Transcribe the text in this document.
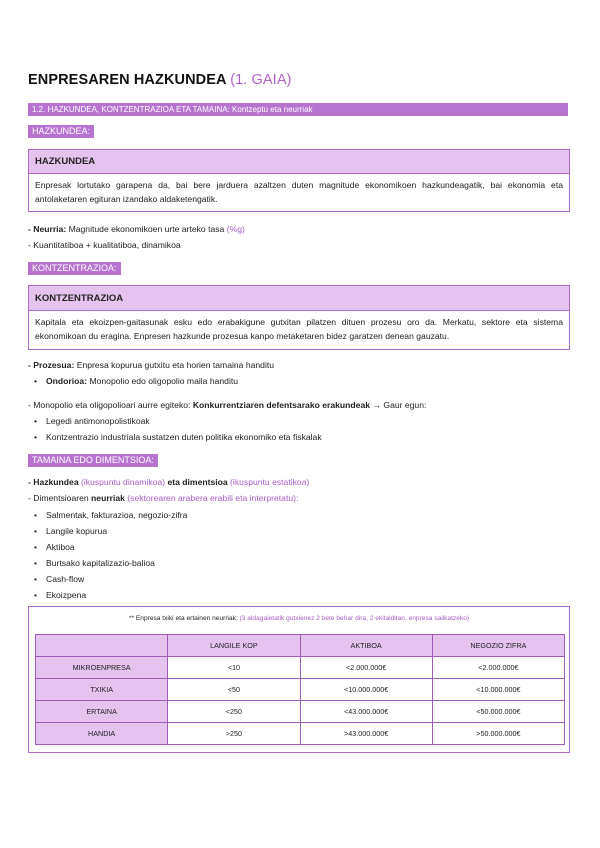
ENPRESAREN HAZKUNDEA (1. GAIA)
1.2. HAZKUNDEA, KONTZENTRAZIOA ETA TAMAINA: Kontzeptu eta neurriak
HAZKUNDEA:
HAZKUNDEA
Enpresak lortutako garapena da, bai bere jarduera azaltzen duten magnitude ekonomikoen hazkundeagatik, bai ekonomia eta antolaketaren egituran izandako aldaketengatik.
- Neurria: Magnitude ekonomikoen urte arteko tasa (%g)
- Kuantitatiboa + kualitatiboa, dinamikoa
KONTZENTRAZIOA:
KONTZENTRAZIOA
Kapitala eta ekoizpen-gaitasunak esku edo erabakigune gutxitan pilatzen dituen prozesu oro da. Merkatu, sektore eta sistema ekonomikoan du eragina. Enpresen hazkunde prozesua kanpo metaketaren bidez garatzen denean gauzatu.
- Prozesua: Enpresa kopurua gutxitu eta horien tamaina handitu
• Ondorioa: Monopolio edo oligopolio maila handitu
- Monopolio eta oligopolioari aurre egiteko: Konkurrentziaren defentsarako erakundeak → Gaur egun:
• Legedi antimonopolistikoak
• Kontzentrazio industriala sustatzen duten politika ekonomiko eta fiskalak
TAMAINA EDO DIMENTSIOA:
- Hazkundea (ikuspuntu dinamikoa) eta dimentsioa (ikuspuntu estatikoa)
- Dimentsioaren neurriak (sektorearen arabera erabili eta interpretatu):
• Salmentak, fakturazioa, negozio-zifra
• Langile kopurua
• Aktiboa
• Burtsako kapitalizazio-balioa
• Cash-flow
• Ekoizpena
** Enpresa txiki eta ertainen neurriak: (3 aldagaietatik gutxienez 2 bete behar dira, 2 ekitalditan, enpresa sailkatzeko)
	LANGILE KOP	AKTIBOA	NEGOZIO ZIFRA
MIKROENPRESA	<10	<2.000.000€	<2.000.000€
TXIKIA	<50	<10.000.000€	<10.000.000€
ERTAINA	<250	<43.000.000€	<50.000.000€
HANDIA	>250	>43.000.000€	>50.000.000€
